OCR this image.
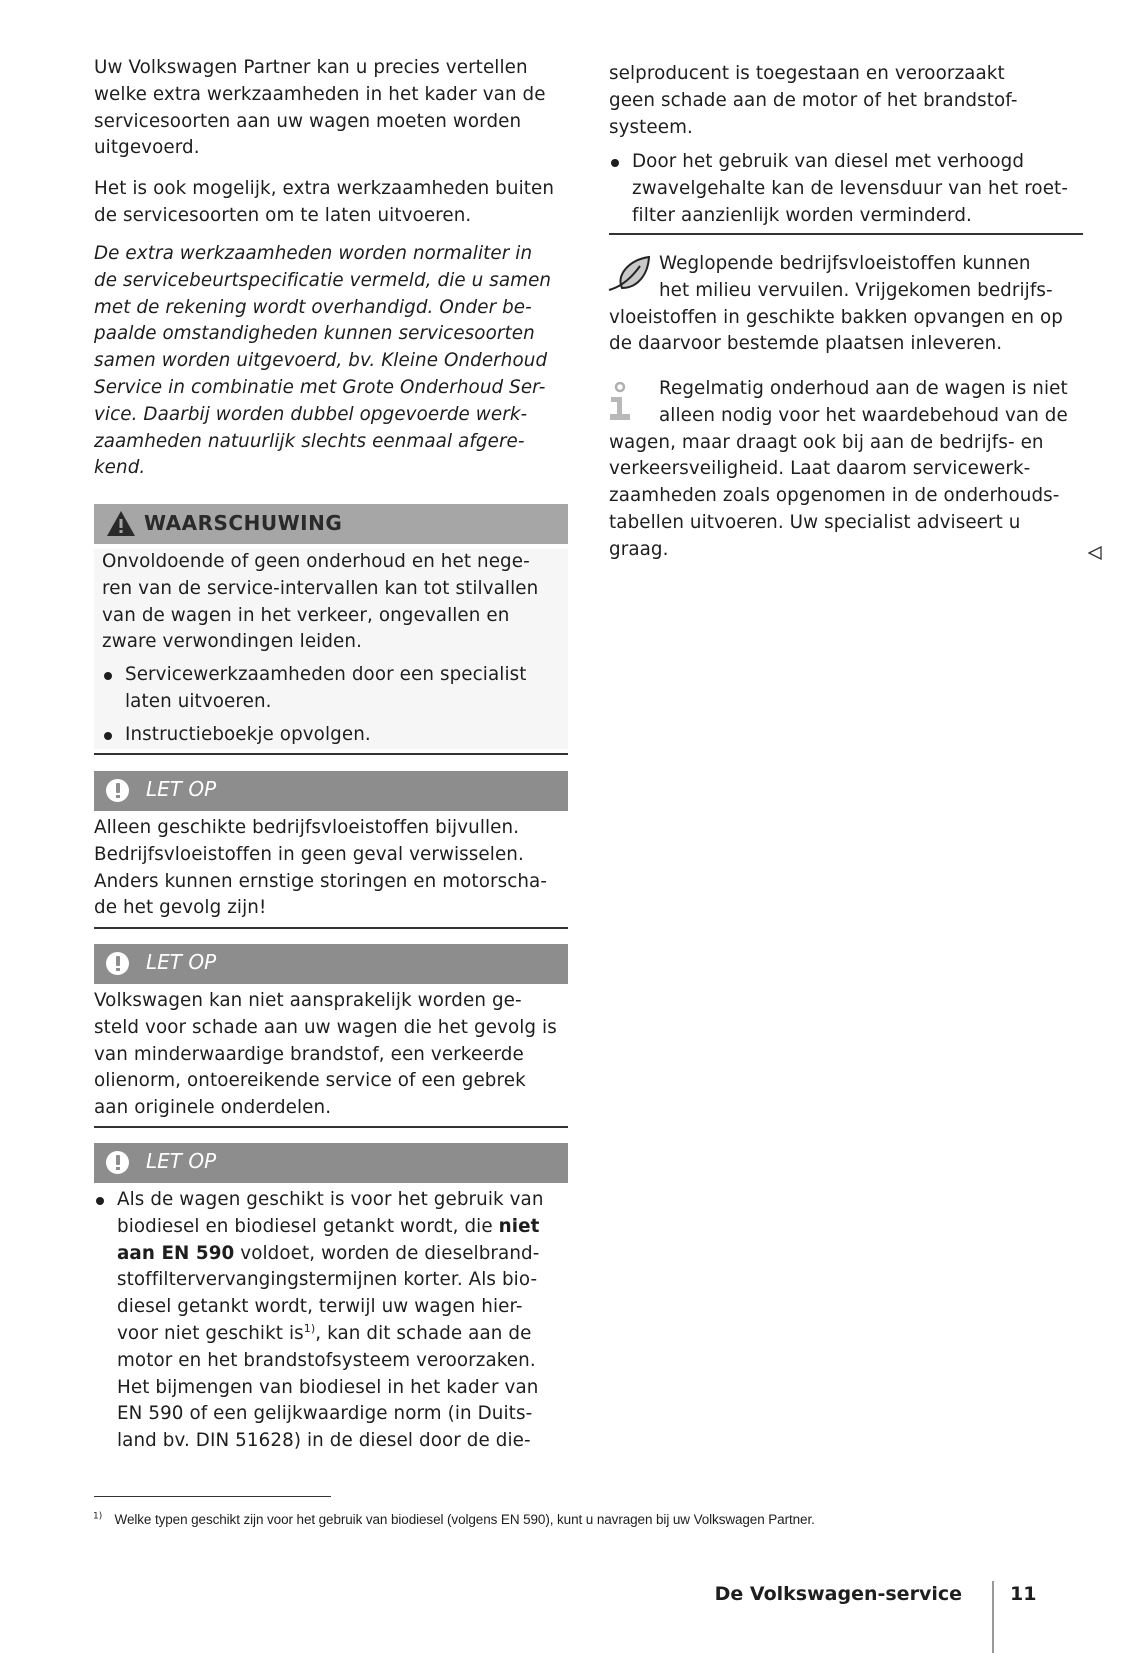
Uw Volkswagen Partner kan u precies vertellen
welke extra werkzaamheden in het kader van de
servicesoorten aan uw wagen moeten worden
uitgevoerd.
Het is ook mogelijk, extra werkzaamheden buiten
de servicesoorten om te laten uitvoeren.
De extra werkzaamheden worden normaliter in
de servicebeurtspecificatie vermeld, die u samen
met de rekening wordt overhandigd. Onder be-
paalde omstandigheden kunnen servicesoorten
samen worden uitgevoerd, bv. Kleine Onderhoud
Service in combinatie met Grote Onderhoud Ser-
vice. Daarbij worden dubbel opgevoerde werk-
zaamheden natuurlijk slechts eenmaal afgere-
kend.
WAARSCHUWING
Onvoldoende of geen onderhoud en het nege-
ren van de service-intervallen kan tot stilvallen
van de wagen in het verkeer, ongevallen en
zware verwondingen leiden.
Servicewerkzaamheden door een specialist
laten uitvoeren.
Instructieboekje opvolgen.
LET OP
Alleen geschikte bedrijfsvloeistoffen bijvullen.
Bedrijfsvloeistoffen in geen geval verwisselen.
Anders kunnen ernstige storingen en motorscha-
de het gevolg zijn!
LET OP
Volkswagen kan niet aansprakelijk worden ge-
steld voor schade aan uw wagen die het gevolg is
van minderwaardige brandstof, een verkeerde
olienorm, ontoereikende service of een gebrek
aan originele onderdelen.
LET OP
Als de wagen geschikt is voor het gebruik van
biodiesel en biodiesel getankt wordt, die niet
aan EN 590 voldoet, worden de dieselbrand-
stoffiltervervangingstermijnen korter. Als bio-
diesel getankt wordt, terwijl uw wagen hier-
voor niet geschikt $is^{1)}$, kan dit schade aan de
motor en het brandstofsysteem veroorzaken.
Het bijmengen van biodiesel in het kader van
EN 590 of een gelijkwaardige norm (in Duits-
land bv. DIN 51628) in de diesel door de die-
selproducent is toegestaan en veroorzaakt
geen schade aan de motor of het brandstof-
systeem.
Door het gebruik van diesel met verhoogd
zwavelgehalte kan de levensduur van het roet-
filter aanzienlijk worden verminderd.
Weglopende bedrijfsvloeistoffen kunnen
het milieu vervuilen. Vrijgekomen bedrijfs-
vloeistoffen in geschikte bakken opvangen en op
de daarvoor bestemde plaatsen inleveren.
Regelmatig onderhoud aan de wagen is niet
alleen nodig voor het waardebehoud van de
wagen, maar draagt ook bij aan de bedrijfs- en
verkeersveiligheid. Laat daarom servicewerk-
zaamheden zoals opgenomen in de onderhouds-
tabellen uitvoeren. Uw specialist adviseert u
graag.
$^{1)}$ Welke typen geschikt zijn voor het gebruik van biodiesel (volgens EN 590), kunt u navragen bij uw Volkswagen Partner.
De Volkswagen-service	11
